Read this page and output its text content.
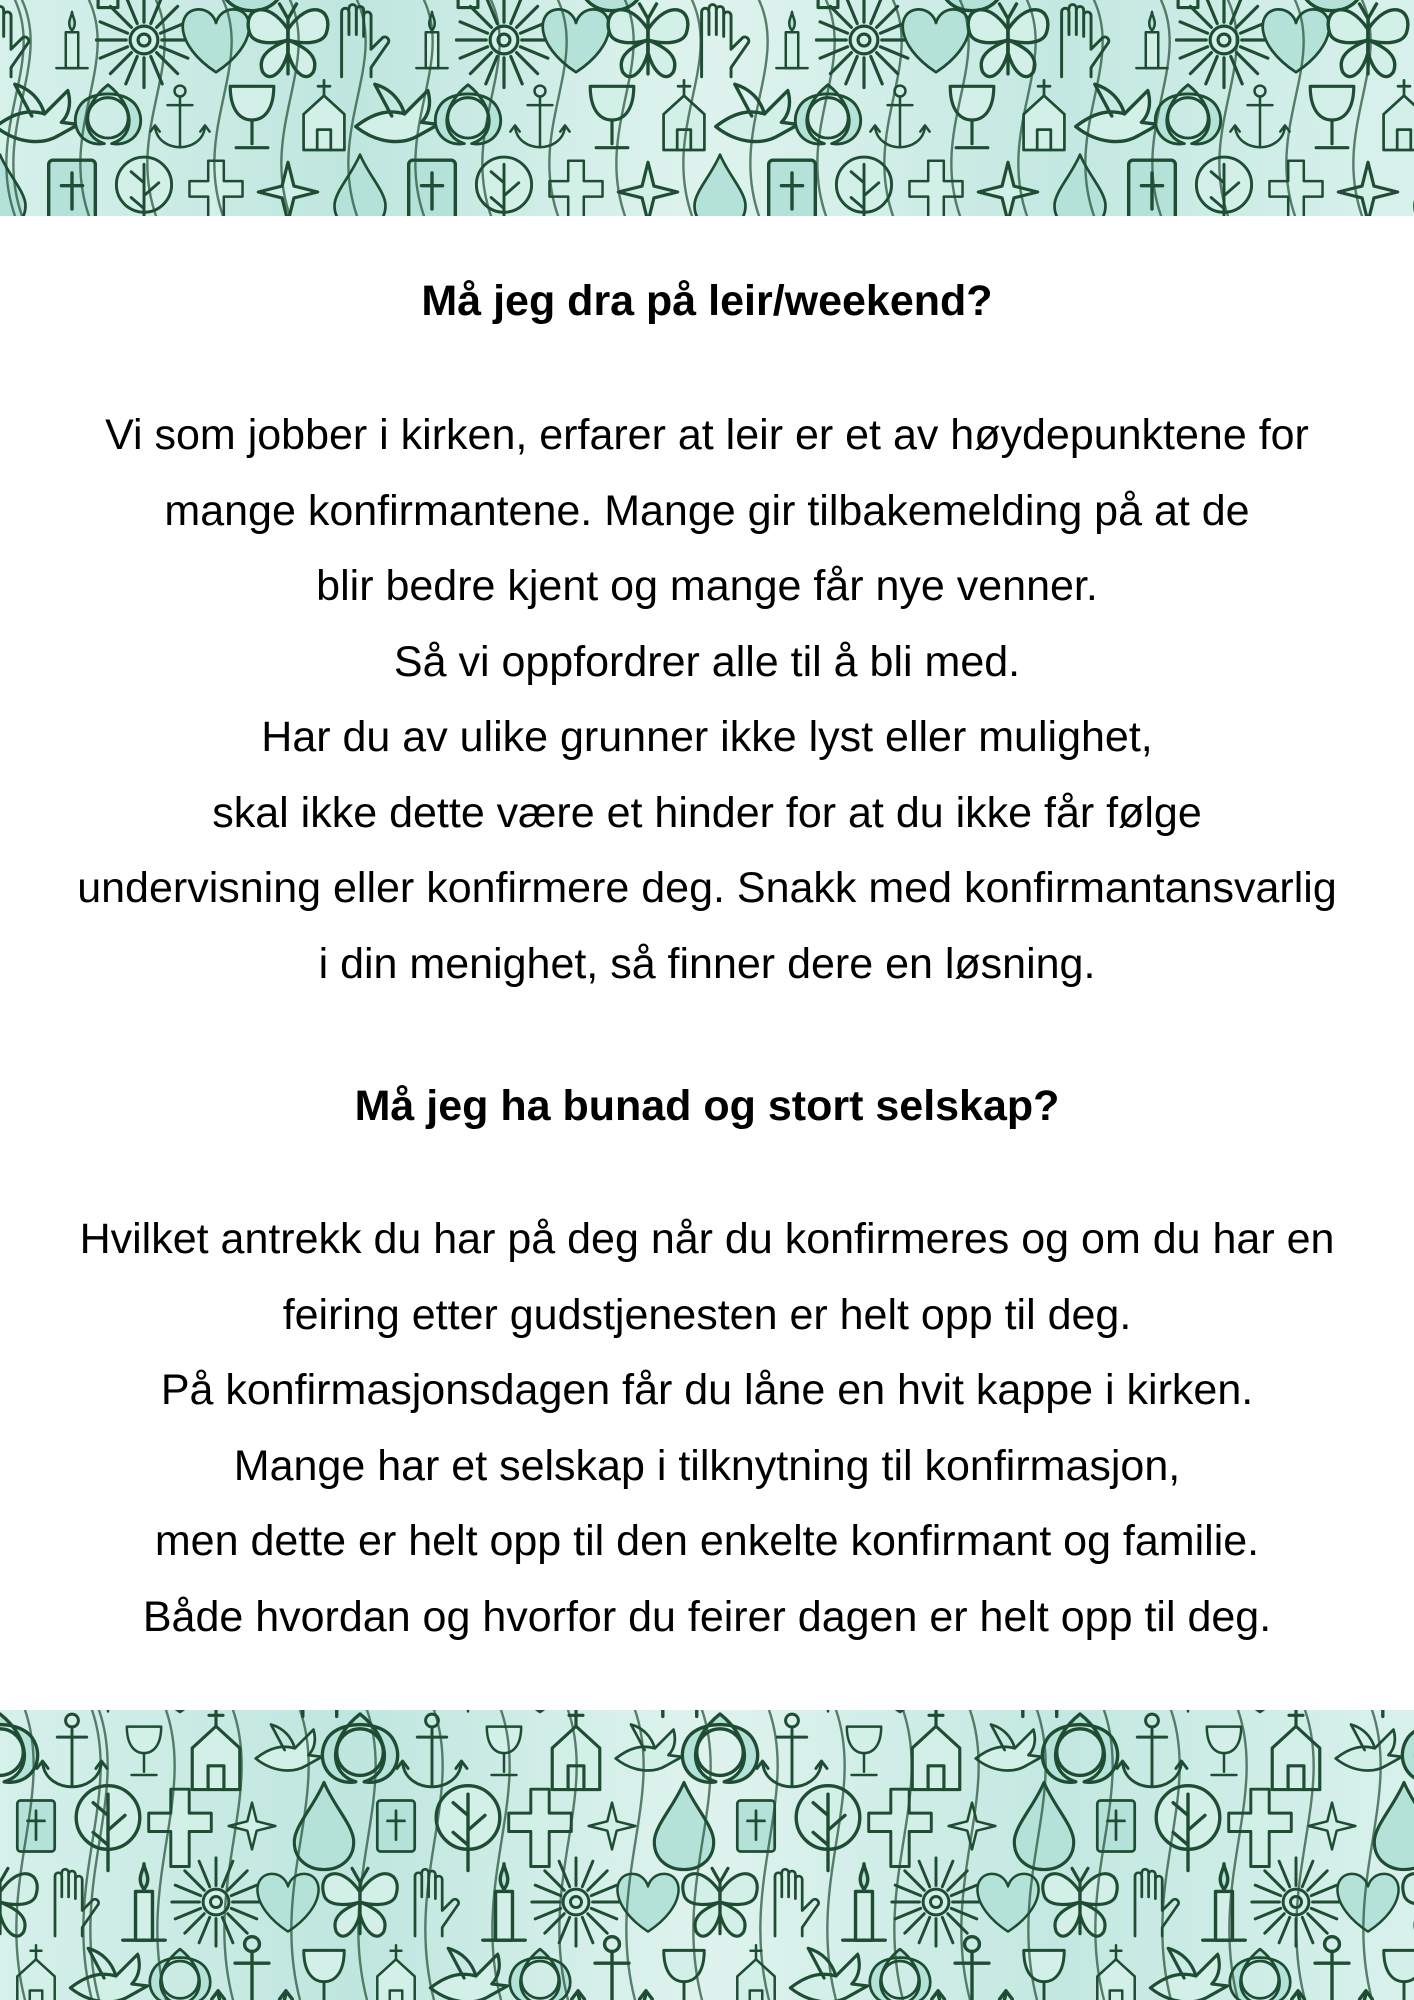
Må jeg dra på leir/weekend?
Vi som jobber i kirken, erfarer at leir er et av høydepunktene for
mange konfirmantene. Mange gir tilbakemelding på at de
blir bedre kjent og mange får nye venner.
Så vi oppfordrer alle til å bli med.
Har du av ulike grunner ikke lyst eller mulighet,
skal ikke dette være et hinder for at du ikke får følge
undervisning eller konfirmere deg. Snakk med konfirmantansvarlig
i din menighet, så finner dere en løsning.
Må jeg ha bunad og stort selskap?
Hvilket antrekk du har på deg når du konfirmeres og om du har en
feiring etter gudstjenesten er helt opp til deg.
På konfirmasjonsdagen får du låne en hvit kappe i kirken.
Mange har et selskap i tilknytning til konfirmasjon,
men dette er helt opp til den enkelte konfirmant og familie.
Både hvordan og hvorfor du feirer dagen er helt opp til deg.
